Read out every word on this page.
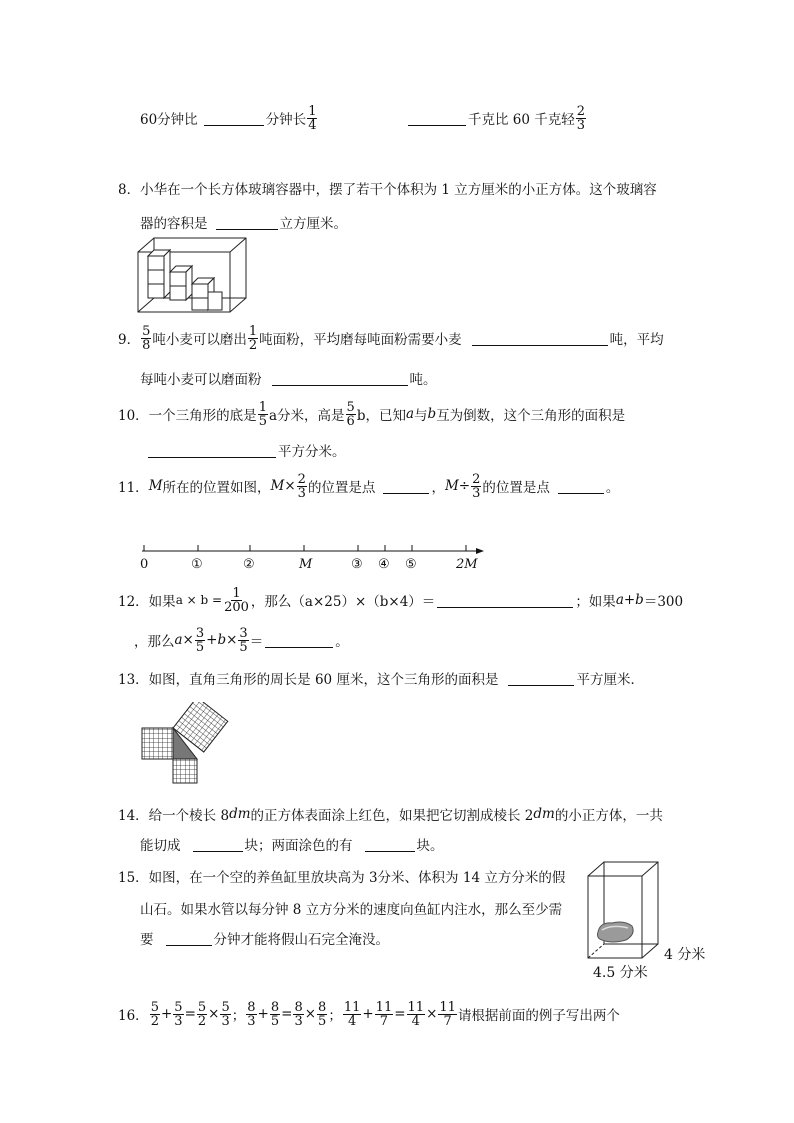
60分钟比	分钟长 $\frac{1}{4}$	千克比 60 千克轻 $\frac{2}{3}$
8．小华在一个长方体玻璃容器中，摆了若干个体积为 1 立方厘米的小正方体。这个玻璃容
器的容积是	立方厘米。
9． $\frac{5}{8}$ 吨小麦可以磨出 $\frac{1}{2}$ 吨面粉，平均磨每吨面粉需要小麦	吨，平均
每吨小麦可以磨面粉	吨。
10．一个三角形的底是 $\frac{1}{5}$ a分米，高是 $\frac{5}{6}$ b，已知 a 与 b 互为倒数，这个三角形的面积是
平方分米。
11． M 所在的位置如图， $M \times \frac{2}{3}$ 的位置是点	， $M \div \frac{2}{3}$ 的位置是点	。
0	①	②	M	③ ④ ⑤	2M
12．如果 $a \times b = \frac{1}{200}$ ，那么（a×25）×（b×4）＝	；如果 a+b ＝300
，那么 $a\times \frac{3}{5} +b\times \frac{3}{5}$ ＝	。
13．如图，直角三角形的周长是 60 厘米，这个三角形的面积是	平方厘米．
14．给一个棱长 8 dm 的正方体表面涂上红色，如果把它切割成棱长 2 dm 的小正方体，一共
能切成	块；两面涂色的有	块。
15．如图，在一个空的养鱼缸里放块高为 3分米、体积为 14 立方分米的假
山石。如果水管以每分钟 8 立方分米的速度向鱼缸内注水，那么至少需
要	分钟才能将假山石完全淹没。
4 分米
4.5 分米
16． $\frac{5}{2} + \frac{5}{3} = \frac{5}{2} \times \frac{5}{3}$ ； $\frac{8}{3} + \frac{8}{5} = \frac{8}{3} \times \frac{8}{5}$ ； $\frac{11}{4} + \frac{11}{7} = \frac{11}{4} \times \frac{11}{7}$ 请根据前面的例子写出两个
